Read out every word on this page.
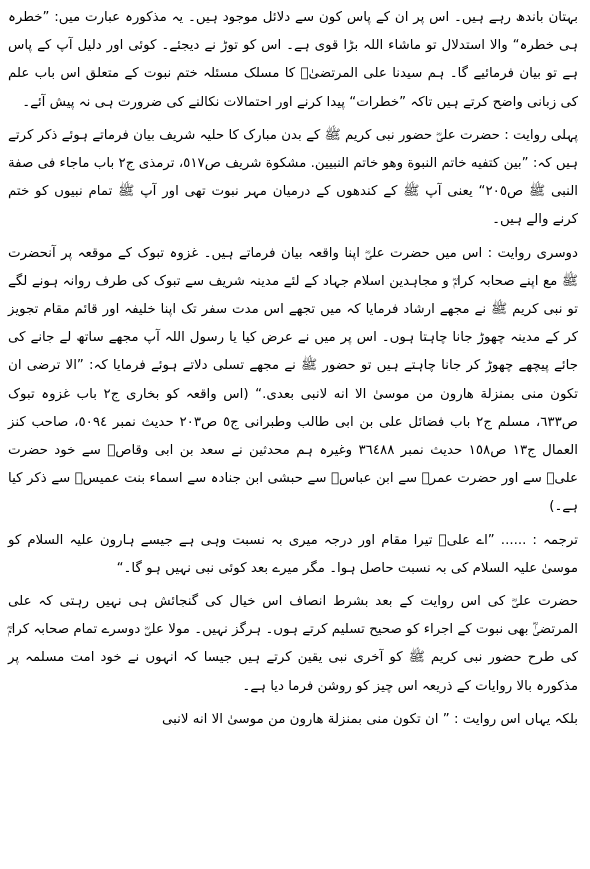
بہتان باندھ رہے ہیں۔ اس پر ان کے پاس کون سے دلائل موجود ہیں۔ یہ مذکورہ عبارت میں: ”خطرہ ہی خطرہ“ والا استدلال تو ماشاء اللہ بڑا قوی ہے۔ اس کو توڑ نے دیجئے۔ کوئی اور دلیل آپ کے پاس ہے تو بیان فرمائیے گا۔ ہم سیدنا علی المرتضیٰؓ کا مسلک مسئلہ ختم نبوت کے متعلق اس باب علم کی زبانی واضح کرتے ہیں تاکہ ”خطرات“ پیدا کرنے اور احتمالات نکالنے کی ضرورت ہی نہ پیش آئے۔

پہلی روایت : حضرت علیؓ حضور نبی کریم ﷺ کے بدن مبارک کا حلیہ شریف بیان فرماتے ہوئے ذکر کرتے ہیں کہ: ”بين كتفيه خاتم النبوة وهو خاتم النبيين. مشكوة شريف ص٥١٧، ترمذی ج٢ باب ماجاء فی صفة النبی ﷺ ص٢٠٥“ یعنی آپ ﷺ کے کندھوں کے درمیان مہر نبوت تھی اور آپ ﷺ تمام نبیوں کو ختم کرنے والے ہیں۔

دوسری روایت : اس میں حضرت علیؓ اپنا واقعہ بیان فرماتے ہیں۔ غزوہ تبوک کے موقعہ پر آنحضرت ﷺ مع اپنے صحابہ کرامؓ و مجاہدین اسلام جہاد کے لئے مدینہ شریف سے تبوک کی طرف روانہ ہونے لگے تو نبی کریم ﷺ نے مجھے ارشاد فرمایا کہ میں تجھے اس مدت سفر تک اپنا خلیفہ اور قائم مقام تجویز کر کے مدینہ چھوڑ جانا چاہتا ہوں۔ اس پر میں نے عرض کیا یا رسول اللہ آپ مجھے ساتھ لے جانے کی جائے پیچھے چھوڑ کر جانا چاہتے ہیں تو حضور ﷺ نے مجھے تسلی دلاتے ہوئے فرمایا کہ: ”الا ترضی ان تكون منی بمنزلة هارون من موسىٰ الا انه لانبی بعدی.“ (اس واقعہ کو بخاری ج٢ باب غزوہ تبوک ص٦٣٣، مسلم ج٢ باب فضائل علی بن ابی طالب وطبرانی ج٥ ص٢٠٣ حدیث نمبر ٥٠٩٤، صاحب کنز العمال ج١٣ ص١٥٨ حدیث نمبر ٣٦٤٨٨ وغیرہ ہم محدثین نے سعد بن ابی وقاصؓ سے خود حضرت علیؓ سے اور حضرت عمرؓ سے ابن عباسؓ سے حبشی ابن جنادہ سے اسماء بنت عمیسؓ سے ذکر کیا ہے۔)

ترجمہ : ...... ”اے علیؓ تیرا مقام اور درجہ میری بہ نسبت وہی ہے جیسے ہارون علیہ السلام کو موسیٰ علیہ السلام کی بہ نسبت حاصل ہوا۔ مگر میرے بعد کوئی نبی نہیں ہو گا۔“

حضرت علیؓ کی اس روایت کے بعد بشرط انصاف اس خیال کی گنجائش ہی نہیں رہتی کہ علی المرتضیٰؓ بھی نبوت کے اجراء کو صحیح تسلیم کرتے ہوں۔ ہرگز نہیں۔ مولا علیؓ دوسرے تمام صحابہ کرامؓ کی طرح حضور نبی کریم ﷺ کو آخری نبی یقین کرتے ہیں جیسا کہ انہوں نے خود امت مسلمہ پر مذکورہ بالا روایات کے ذریعہ اس چیز کو روشن فرما دیا ہے۔

بلکہ یہاں اس روایت : ” ان تكون منی بمنزلة هارون من موسىٰ الا انه لانبی
